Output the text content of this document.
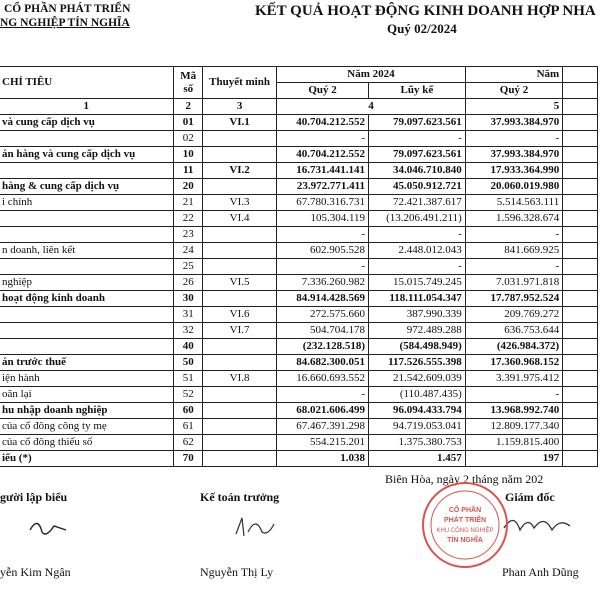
CỔ PHẦN PHÁT TRIỂN
NG NGHIỆP TÍN NGHĨA
KẾT QUẢ HOẠT ĐỘNG KINH DOANH HỢP NHA
Quý 02/2024
CHỈ TIÊU	Mã
số	Thuyết minh	Năm 2024		Năm	
			Quý 2	Lũy kế	Quý 2	
1	2	3	4		5	
và cung cấp dịch vụ	01	VI.1	40.704.212.552	79.097.623.561	37.993.384.970	
	02		-	-	-	
án hàng và cung cấp dịch vụ	10		40.704.212.552	79.097.623.561	37.993.384.970	
	11	VI.2	16.731.441.141	34.046.710.840	17.933.364.990	
hàng & cung cấp dịch vụ	20		23.972.771.411	45.050.912.721	20.060.019.980	
i chính	21	VI.3	67.780.316.731	72.421.387.617	5.514.563.111	
	22	VI.4	105.304.119	(13.206.491.211)	1.596.328.674	
	23		-	-	-	
n doanh, liên kết	24		602.905.528	2.448.012.043	841.669.925	
	25		-	-	-	
nghiệp	26	VI.5	7.336.260.982	15.015.749.245	7.031.971.818	
hoạt động kinh doanh	30		84.914.428.569	118.111.054.347	17.787.952.524	
	31	VI.6	272.575.660	387.990.339	209.769.272	
	32	VI.7	504.704.178	972.489.288	636.753.644	
	40		(232.128.518)	(584.498.949)	(426.984.372)	
án trước thuế	50		84.682.300.051	117.526.555.398	17.360.968.152	
iện hành	51	VI.8	16.660.693.552	21.542.609.039	3.391.975.412	
oãn lại	52		-	(110.487.435)	-	
hu nhập doanh nghiệp	60		68.021.606.499	96.094.433.794	13.968.992.740	
của cổ đông công ty mẹ	61		67.467.391.298	94.719.053.041	12.809.177.340	
của cổ đông thiểu số	62		554.215.201	1.375.380.753	1.159.815.400	
iếu (*)	70		1.038	1.457	197	
Biên Hòa, ngày 2 tháng năm 202
gười lập biểu	Kế toán trưởng	Giám đốc
CỔ PHẦN
PHÁT TRIỂN
KHU CÔNG NGHIỆP
TÍN NGHĨA
yễn Kim Ngân	Nguyễn Thị Ly	Phan Anh Dũng
